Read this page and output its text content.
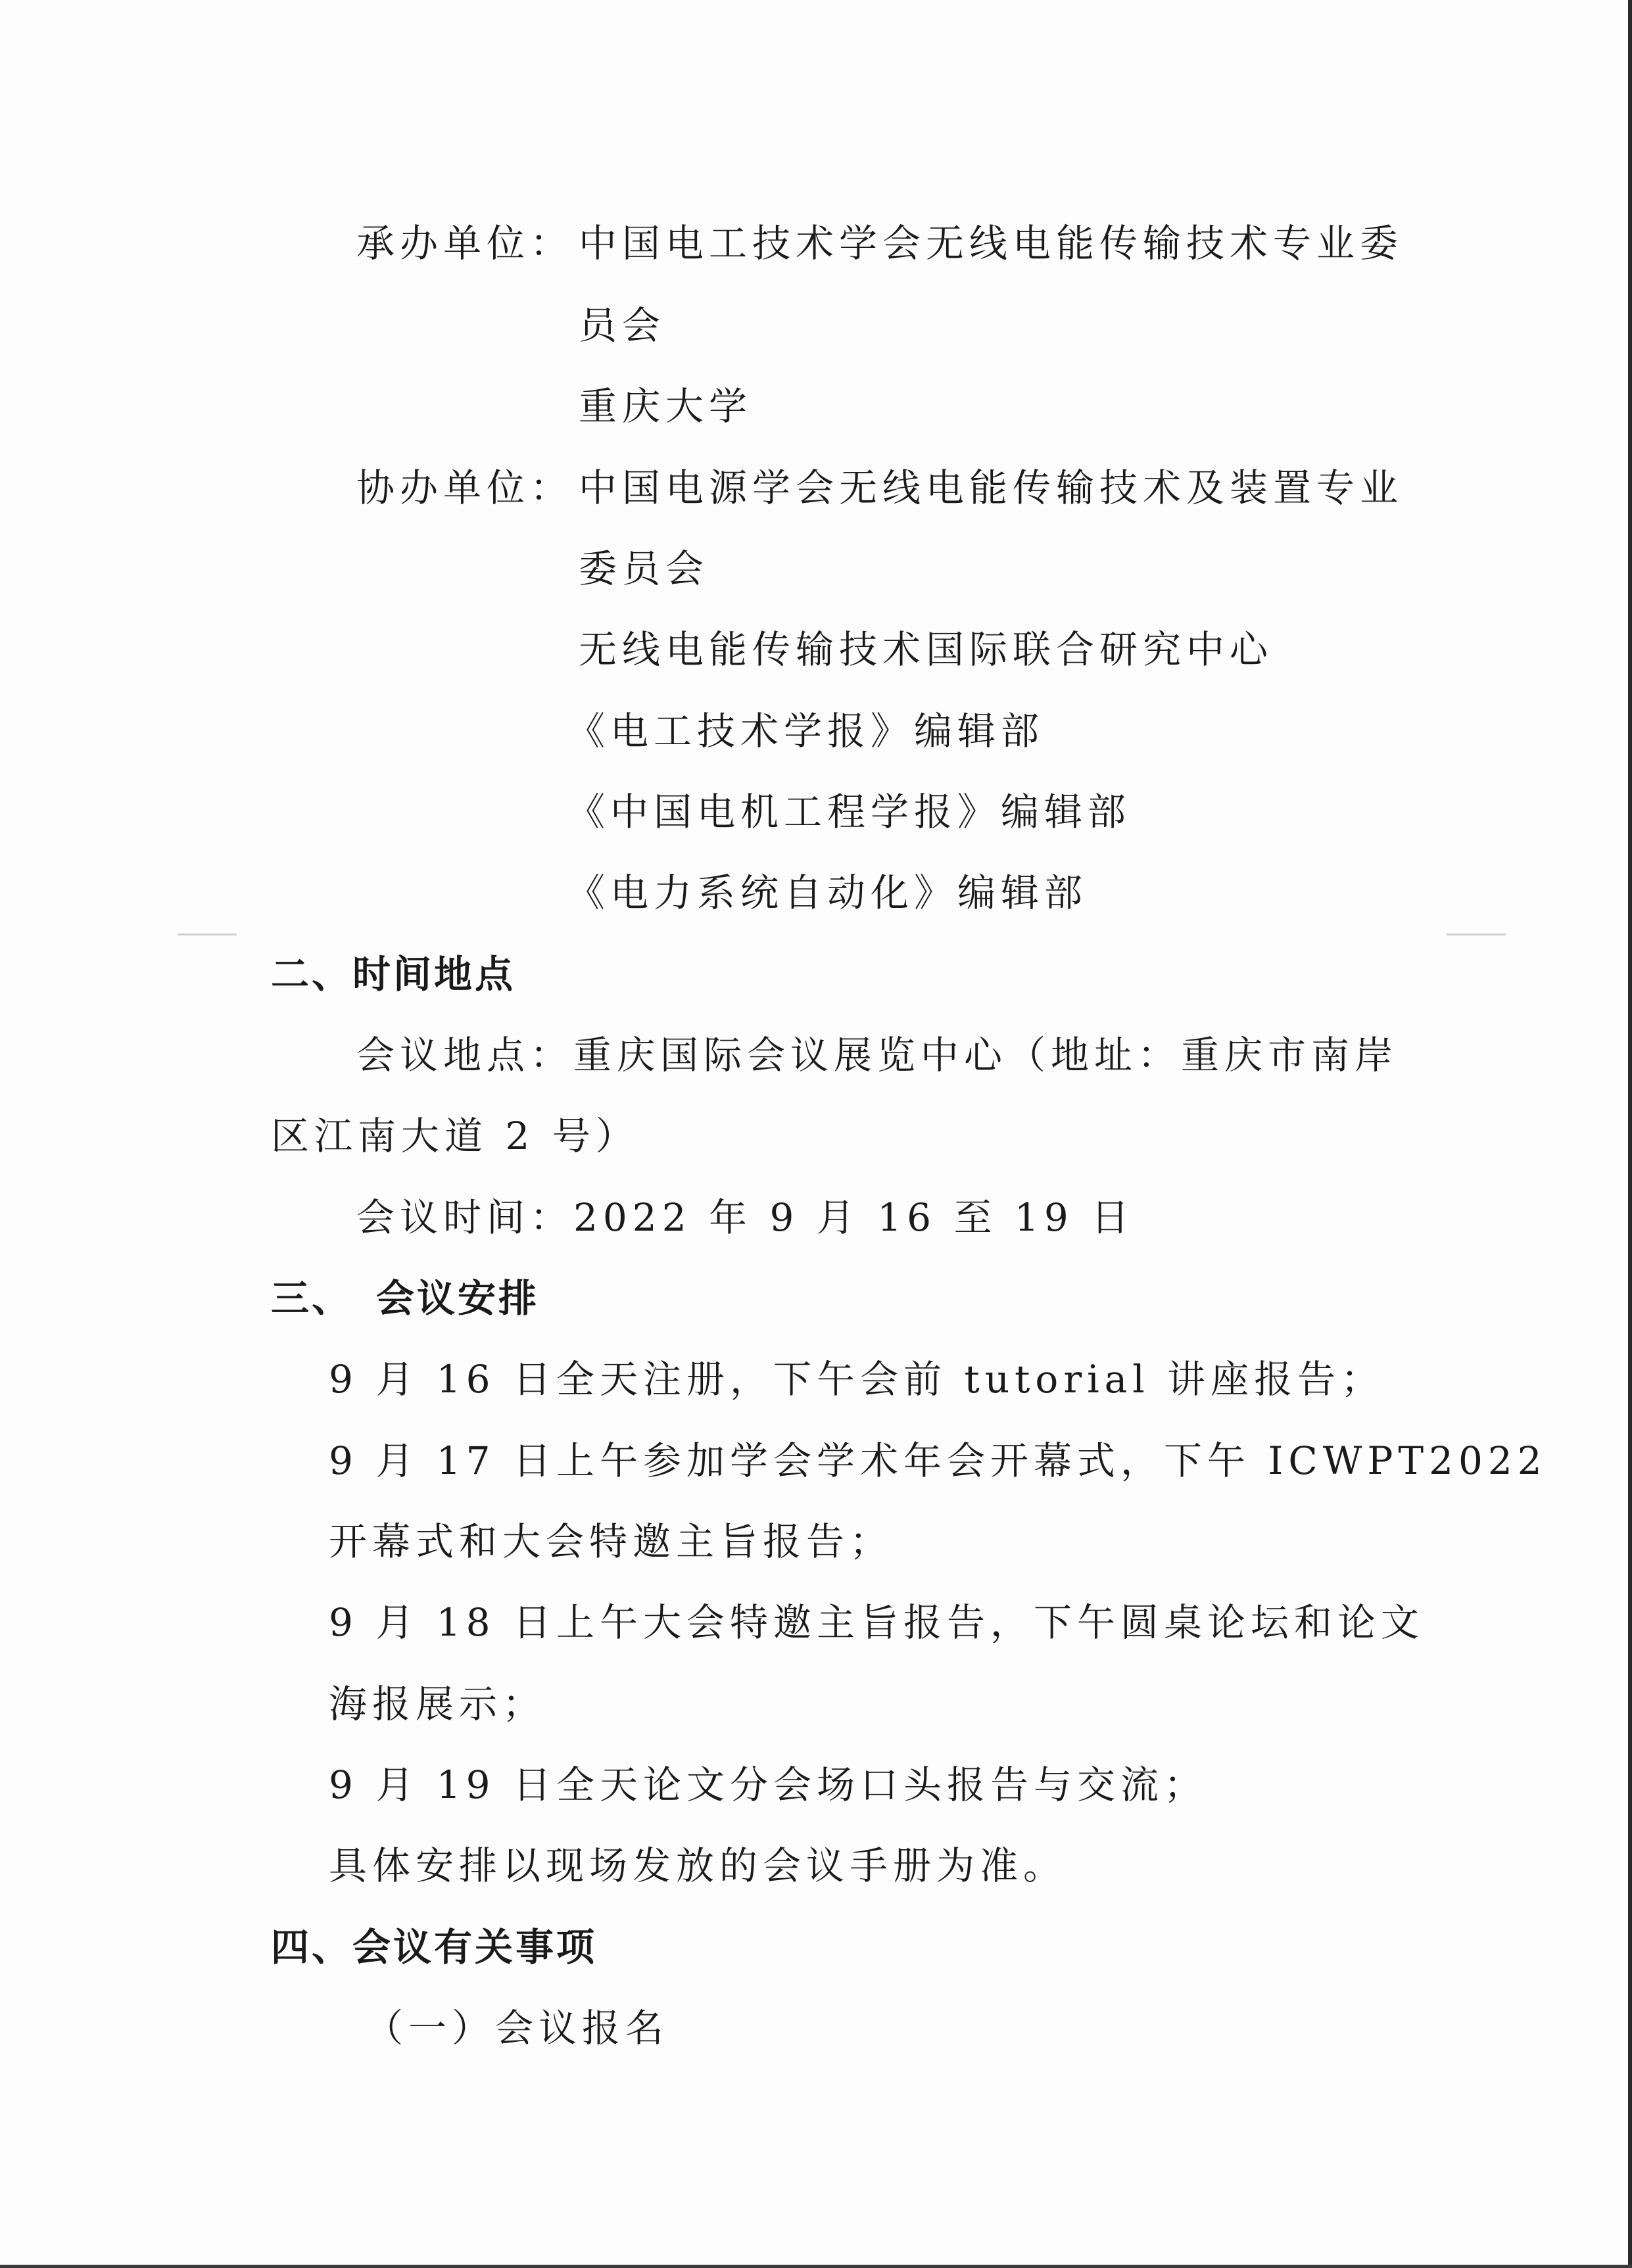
承办单位： 中国电工技术学会无线电能传输技术专业委
员会
重庆大学
协办单位： 中国电源学会无线电能传输技术及装置专业
委员会
无线电能传输技术国际联合研究中心
《电工技术学报》编辑部
《中国电机工程学报》编辑部
《电力系统自动化》编辑部
二、时间地点
会议地点：重庆国际会议展览中心（地址：重庆市南岸
区江南大道 2 号）
会议时间：2022 年 9 月 16 至 19 日
三、 会议安排
9 月 16 日全天注册，下午会前 tutorial 讲座报告；
9 月 17 日上午参加学会学术年会开幕式，下午 ICWPT2022
开幕式和大会特邀主旨报告；
9 月 18 日上午大会特邀主旨报告，下午圆桌论坛和论文
海报展示；
9 月 19 日全天论文分会场口头报告与交流；
具体安排以现场发放的会议手册为准。
四、会议有关事项
（一）会议报名
